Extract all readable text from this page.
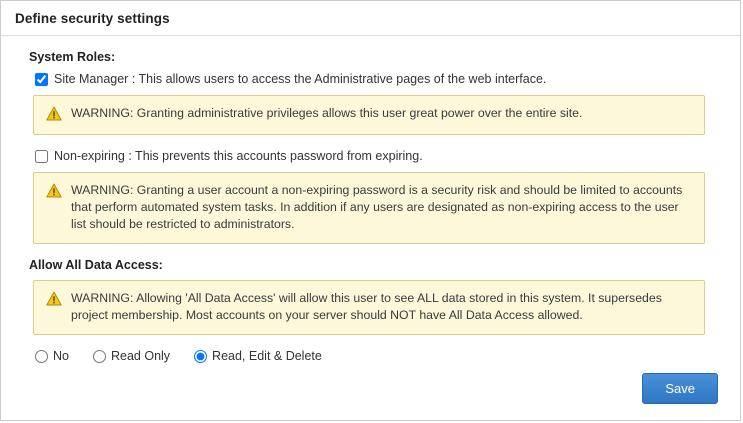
Define security settings
System Roles:
Site Manager : This allows users to access the Administrative pages of the web interface.
WARNING: Granting administrative privileges allows this user great power over the entire site.
Non-expiring : This prevents this accounts password from expiring.
WARNING: Granting a user account a non-expiring password is a security risk and should be limited to accounts that perform automated system tasks. In addition if any users are designated as non-expiring access to the user list should be restricted to administrators.
Allow All Data Access:
WARNING: Allowing 'All Data Access' will allow this user to see ALL data stored in this system. It supersedes project membership. Most accounts on your server should NOT have All Data Access allowed.
No	Read Only	Read, Edit & Delete
Save
